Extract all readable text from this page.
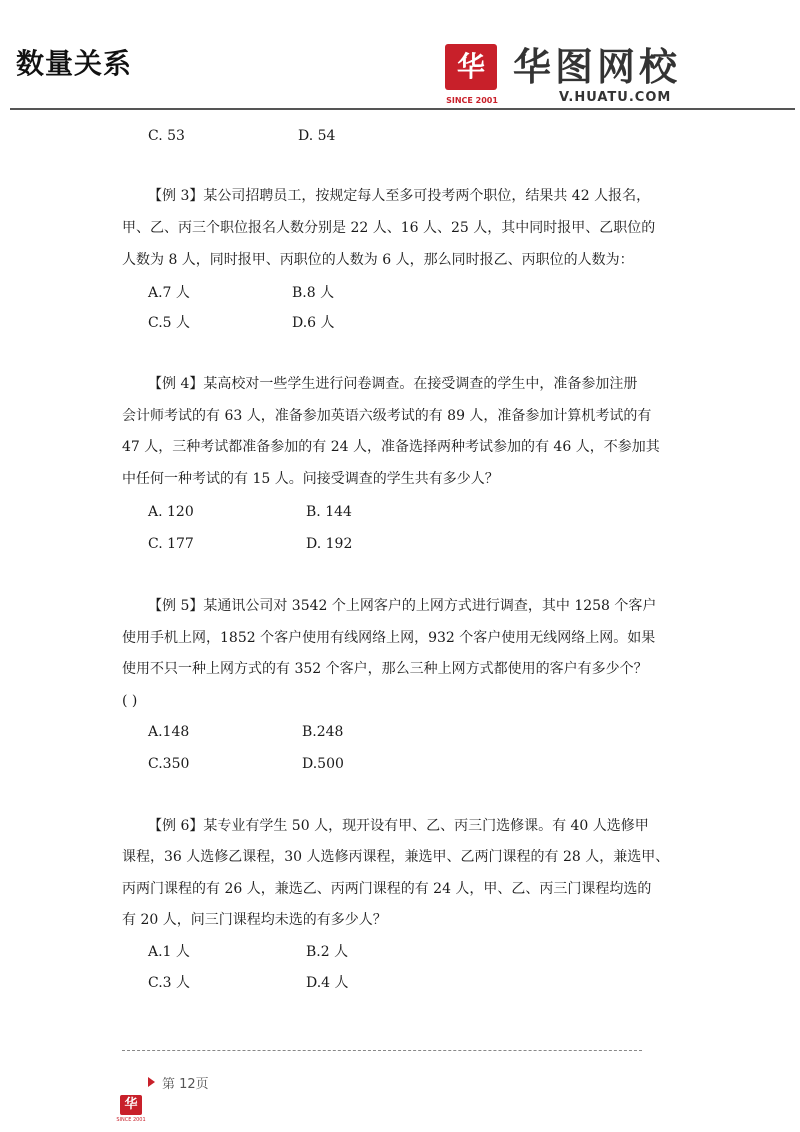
数量关系	华
SINCE 2001
华图网校
V.HUATU.COM
C. 53	D. 54
【例 3】某公司招聘员工，按规定每人至多可投考两个职位，结果共 42 人报名，
甲、乙、丙三个职位报名人数分别是 22 人、16 人、25 人，其中同时报甲、乙职位的
人数为 8 人，同时报甲、丙职位的人数为 6 人，那么同时报乙、丙职位的人数为：
A.7 人	B.8 人
C.5 人	D.6 人
【例 4】某高校对一些学生进行问卷调查。在接受调查的学生中，准备参加注册
会计师考试的有 63 人，准备参加英语六级考试的有 89 人，准备参加计算机考试的有
47 人，三种考试都准备参加的有 24 人，准备选择两种考试参加的有 46 人，不参加其
中任何一种考试的有 15 人。问接受调查的学生共有多少人？
A. 120	B. 144
C. 177	D. 192
【例 5】某通讯公司对 3542 个上网客户的上网方式进行调查，其中 1258 个客户
使用手机上网，1852 个客户使用有线网络上网，932 个客户使用无线网络上网。如果
使用不只一种上网方式的有 352 个客户，那么三种上网方式都使用的客户有多少个？
( )
A.148	B.248
C.350	D.500
【例 6】某专业有学生 50 人，现开设有甲、乙、丙三门选修课。有 40 人选修甲
课程，36 人选修乙课程，30 人选修丙课程，兼选甲、乙两门课程的有 28 人，兼选甲、
丙两门课程的有 26 人，兼选乙、丙两门课程的有 24 人，甲、乙、丙三门课程均选的
有 20 人，问三门课程均未选的有多少人？
A.1 人	B.2 人
C.3 人	D.4 人
第 12页
华
SINCE 2001
